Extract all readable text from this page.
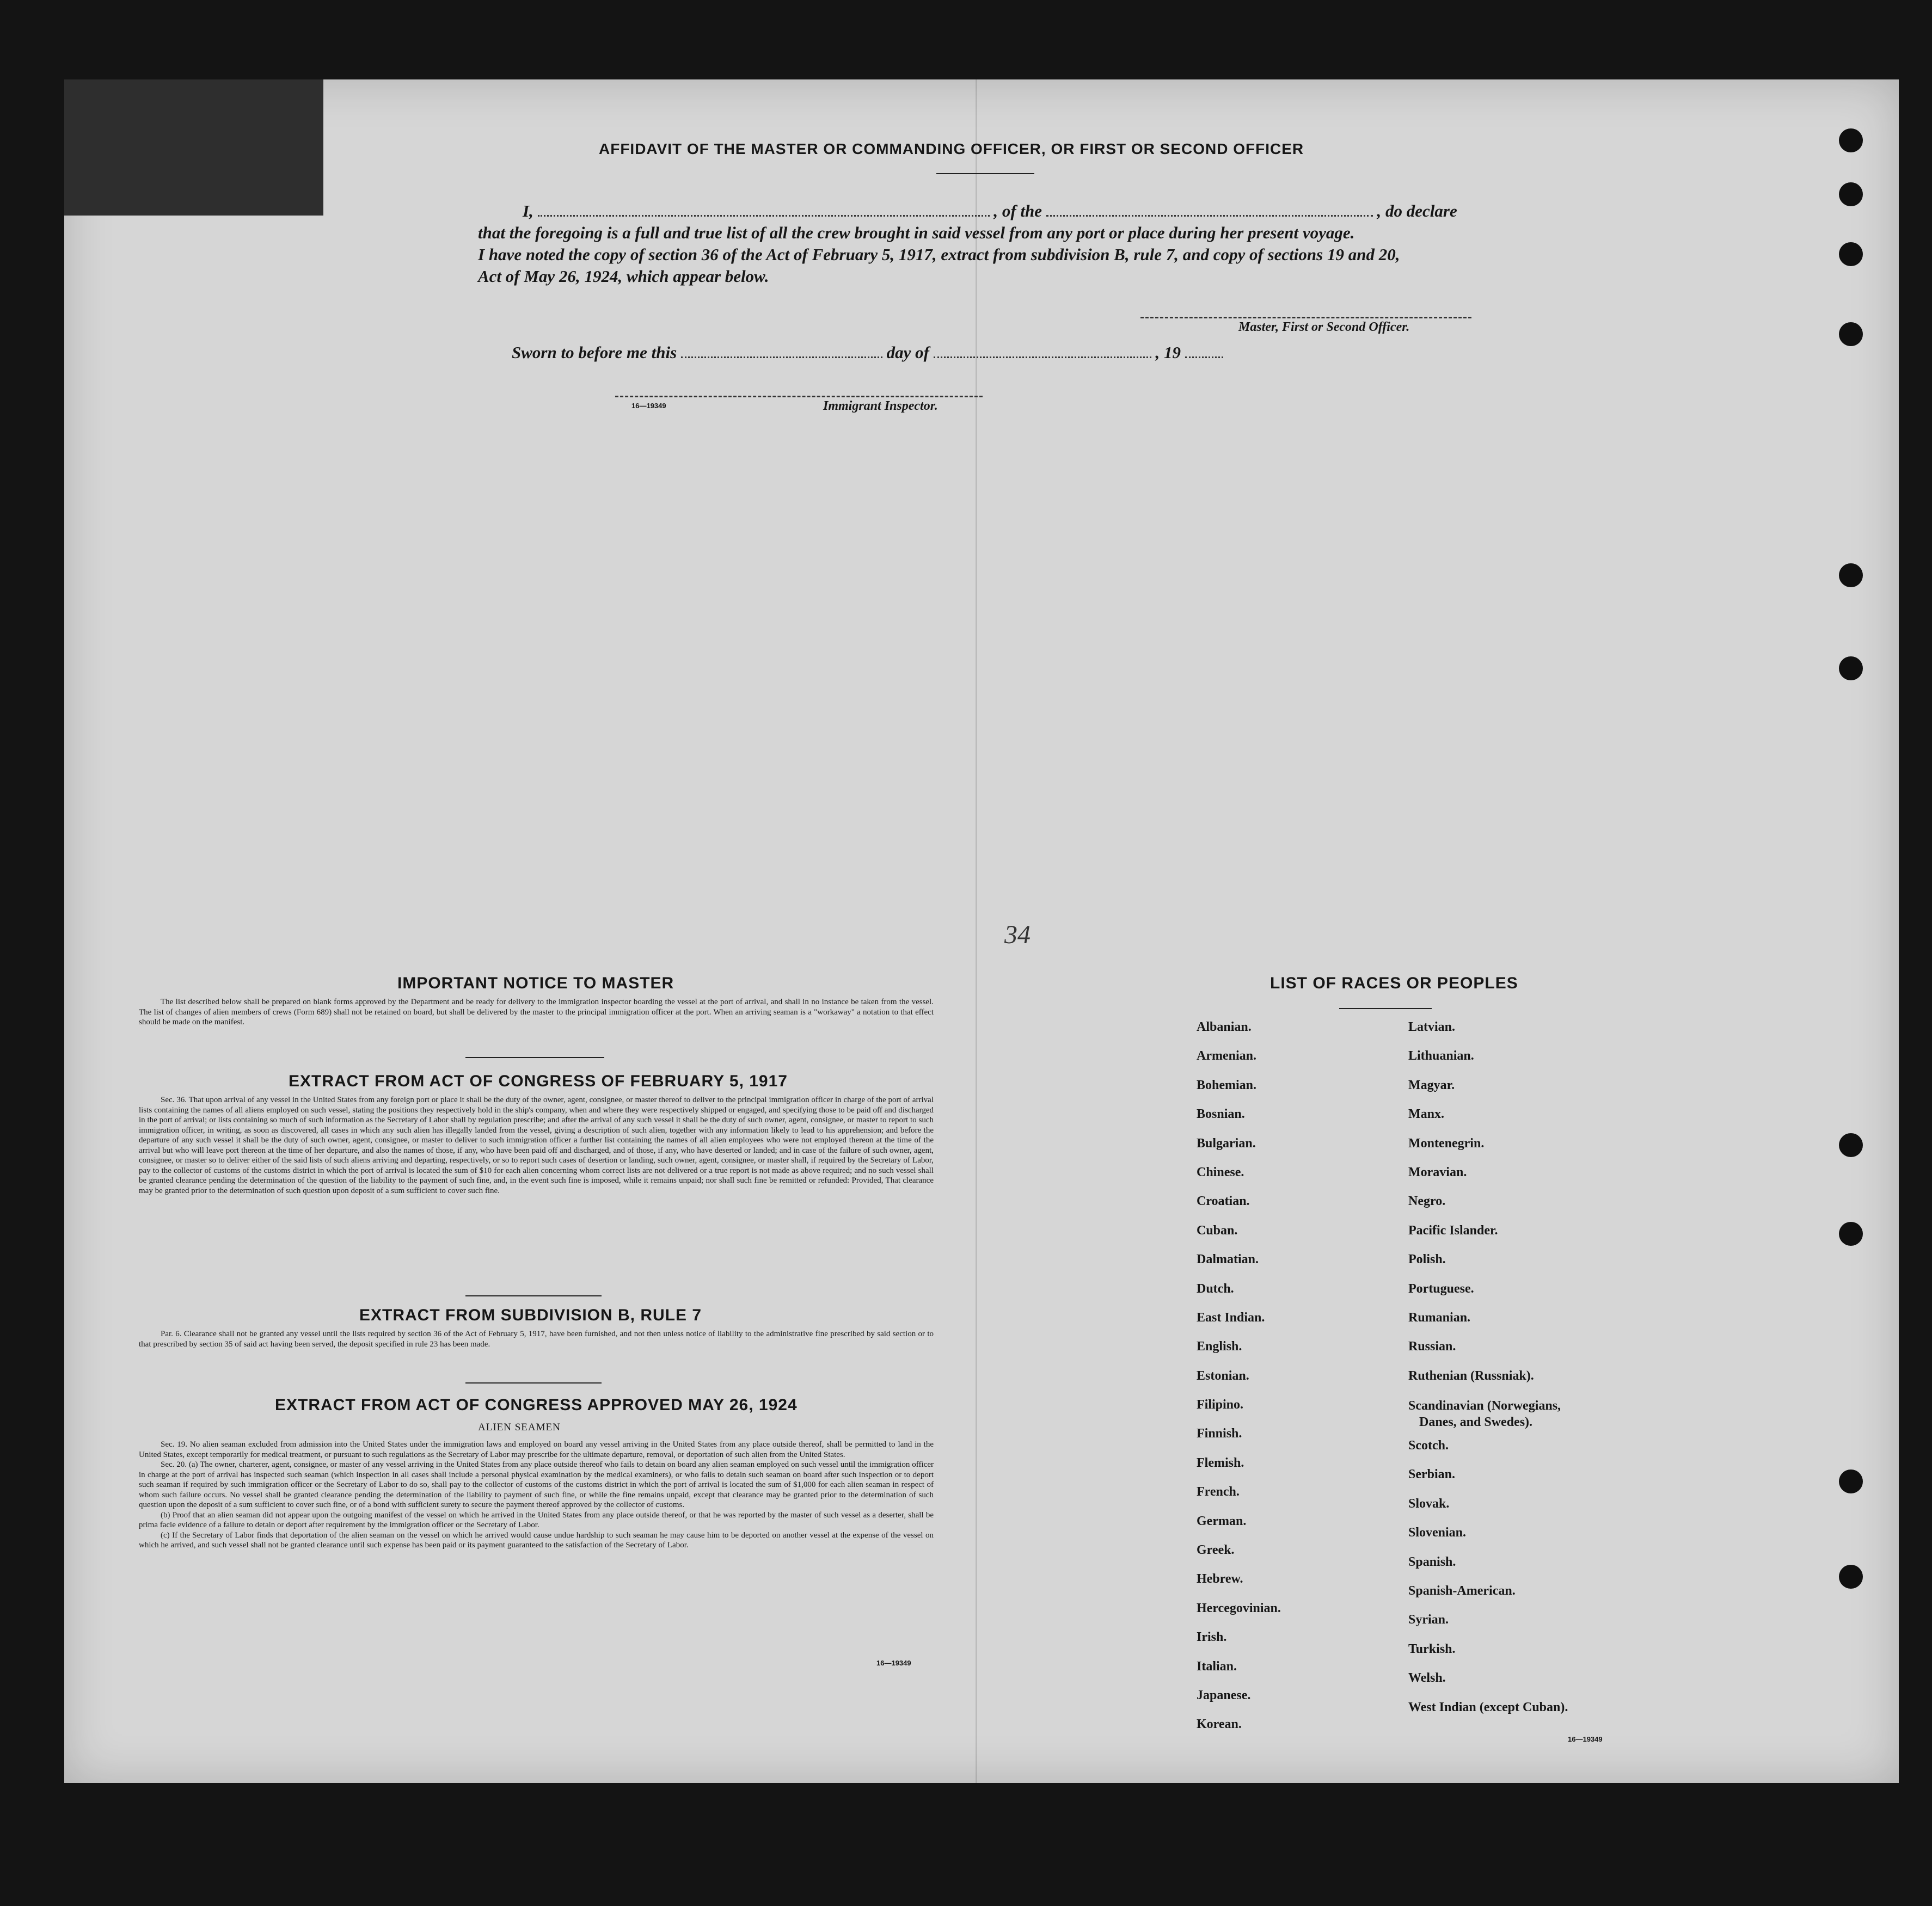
34
AFFIDAVIT OF THE MASTER OR COMMANDING OFFICER, OR FIRST OR SECOND OFFICER
I,	, of the	, do declare
that the foregoing is a full and true list of all the crew brought in said vessel from any port or place during her present voyage.
I have noted the copy of section 36 of the Act of February 5, 1917, extract from subdivision B, rule 7, and copy of sections 19 and 20,
Act of May 26, 1924, which appear below.
Master, First or Second Officer.
Sworn to before me this	day of	, 19
16—19349	Immigrant Inspector.
IMPORTANT NOTICE TO MASTER

The list described below shall be prepared on blank forms approved by the Department and be ready for delivery to the immigration inspector boarding the vessel at the port of arrival, and shall in no instance be taken from the vessel. The list of changes of alien members of crews (Form 689) shall not be retained on board, but shall be delivered by the master to the principal immigration officer at the port. When an arriving seaman is a "workaway" a notation to that effect should be made on the manifest.

EXTRACT FROM ACT OF CONGRESS OF FEBRUARY 5, 1917

Sec. 36. That upon arrival of any vessel in the United States from any foreign port or place it shall be the duty of the owner, agent, consignee, or master thereof to deliver to the principal immigration officer in charge of the port of arrival lists containing the names of all aliens employed on such vessel, stating the positions they respectively hold in the ship's company, when and where they were respectively shipped or engaged, and specifying those to be paid off and discharged in the port of arrival; or lists containing so much of such information as the Secretary of Labor shall by regulation prescribe; and after the arrival of any such vessel it shall be the duty of such owner, agent, consignee, or master to report to such immigration officer, in writing, as soon as discovered, all cases in which any such alien has illegally landed from the vessel, giving a description of such alien, together with any information likely to lead to his apprehension; and before the departure of any such vessel it shall be the duty of such owner, agent, consignee, or master to deliver to such immigration officer a further list containing the names of all alien employees who were not employed thereon at the time of the arrival but who will leave port thereon at the time of her departure, and also the names of those, if any, who have been paid off and discharged, and of those, if any, who have deserted or landed; and in case of the failure of such owner, agent, consignee, or master so to deliver either of the said lists of such aliens arriving and departing, respectively, or so to report such cases of desertion or landing, such owner, agent, consignee, or master shall, if required by the Secretary of Labor, pay to the collector of customs of the customs district in which the port of arrival is located the sum of $10 for each alien concerning whom correct lists are not delivered or a true report is not made as above required; and no such vessel shall be granted clearance pending the determination of the question of the liability to the payment of such fine, and, in the event such fine is imposed, while it remains unpaid; nor shall such fine be remitted or refunded: Provided, That clearance may be granted prior to the determination of such question upon deposit of a sum sufficient to cover such fine.

EXTRACT FROM SUBDIVISION B, RULE 7

Par. 6. Clearance shall not be granted any vessel until the lists required by section 36 of the Act of February 5, 1917, have been furnished, and not then unless notice of liability to the administrative fine prescribed by said section or to that prescribed by section 35 of said act having been served, the deposit specified in rule 23 has been made.

EXTRACT FROM ACT OF CONGRESS APPROVED MAY 26, 1924
ALIEN SEAMEN

Sec. 19. No alien seaman excluded from admission into the United States under the immigration laws and employed on board any vessel arriving in the United States from any place outside thereof, shall be permitted to land in the United States, except temporarily for medical treatment, or pursuant to such regulations as the Secretary of Labor may prescribe for the ultimate departure, removal, or deportation of such alien from the United States.

Sec. 20. (a) The owner, charterer, agent, consignee, or master of any vessel arriving in the United States from any place outside thereof who fails to detain on board any alien seaman employed on such vessel until the immigration officer in charge at the port of arrival has inspected such seaman (which inspection in all cases shall include a personal physical examination by the medical examiners), or who fails to detain such seaman on board after such inspection or to deport such seaman if required by such immigration officer or the Secretary of Labor to do so, shall pay to the collector of customs of the customs district in which the port of arrival is located the sum of $1,000 for each alien seaman in respect of whom such failure occurs. No vessel shall be granted clearance pending the determination of the liability to payment of such fine, or while the fine remains unpaid, except that clearance may be granted prior to the determination of such question upon the deposit of a sum sufficient to cover such fine, or of a bond with sufficient surety to secure the payment thereof approved by the collector of customs.

(b) Proof that an alien seaman did not appear upon the outgoing manifest of the vessel on which he arrived in the United States from any place outside thereof, or that he was reported by the master of such vessel as a deserter, shall be prima facie evidence of a failure to detain or deport after requirement by the immigration officer or the Secretary of Labor.

(c) If the Secretary of Labor finds that deportation of the alien seaman on the vessel on which he arrived would cause undue hardship to such seaman he may cause him to be deported on another vessel at the expense of the vessel on which he arrived, and such vessel shall not be granted clearance until such expense has been paid or its payment guaranteed to the satisfaction of the Secretary of Labor.

16—19349
LIST OF RACES OR PEOPLES
Albanian.
Armenian.
Bohemian.
Bosnian.
Bulgarian.
Chinese.
Croatian.
Cuban.
Dalmatian.
Dutch.
East Indian.
English.
Estonian.
Filipino.
Finnish.
Flemish.
French.
German.
Greek.
Hebrew.
Hercegovinian.
Irish.
Italian.
Japanese.
Korean.
Latvian.
Lithuanian.
Magyar.
Manx.
Montenegrin.
Moravian.
Negro.
Pacific Islander.
Polish.
Portuguese.
Rumanian.
Russian.
Ruthenian (Russniak).
Scandinavian (Norwegians,
Danes, and Swedes).
Scotch.
Serbian.
Slovak.
Slovenian.
Spanish.
Spanish-American.
Syrian.
Turkish.
Welsh.
West Indian (except Cuban).
16—19349
